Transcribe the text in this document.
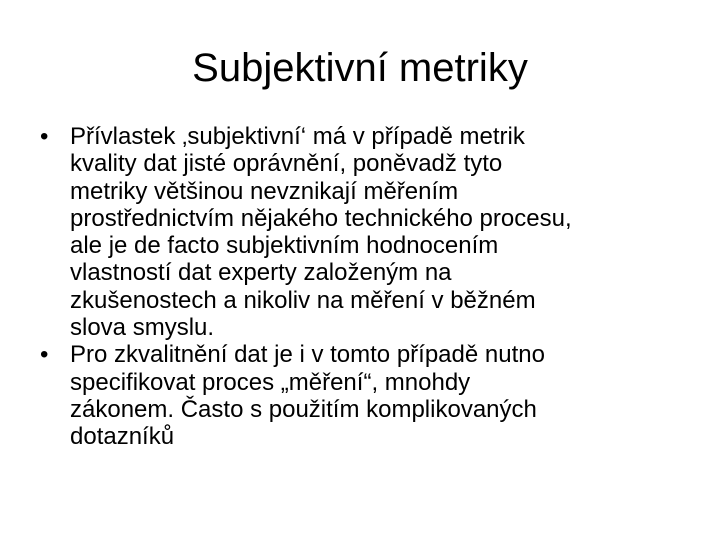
Subjektivní metriky
• Přívlastek ‚subjektivní‘ má v případě metrik
kvality dat jisté oprávnění, poněvadž tyto
metriky většinou nevznikají měřením
prostřednictvím nějakého technického procesu,
ale je de facto subjektivním hodnocením
vlastností dat experty založeným na
zkušenostech a nikoliv na měření v běžném
slova smyslu.
• Pro zkvalitnění dat je i v tomto případě nutno
specifikovat proces „měření“, mnohdy
zákonem. Často s použitím komplikovaných
dotazníků
